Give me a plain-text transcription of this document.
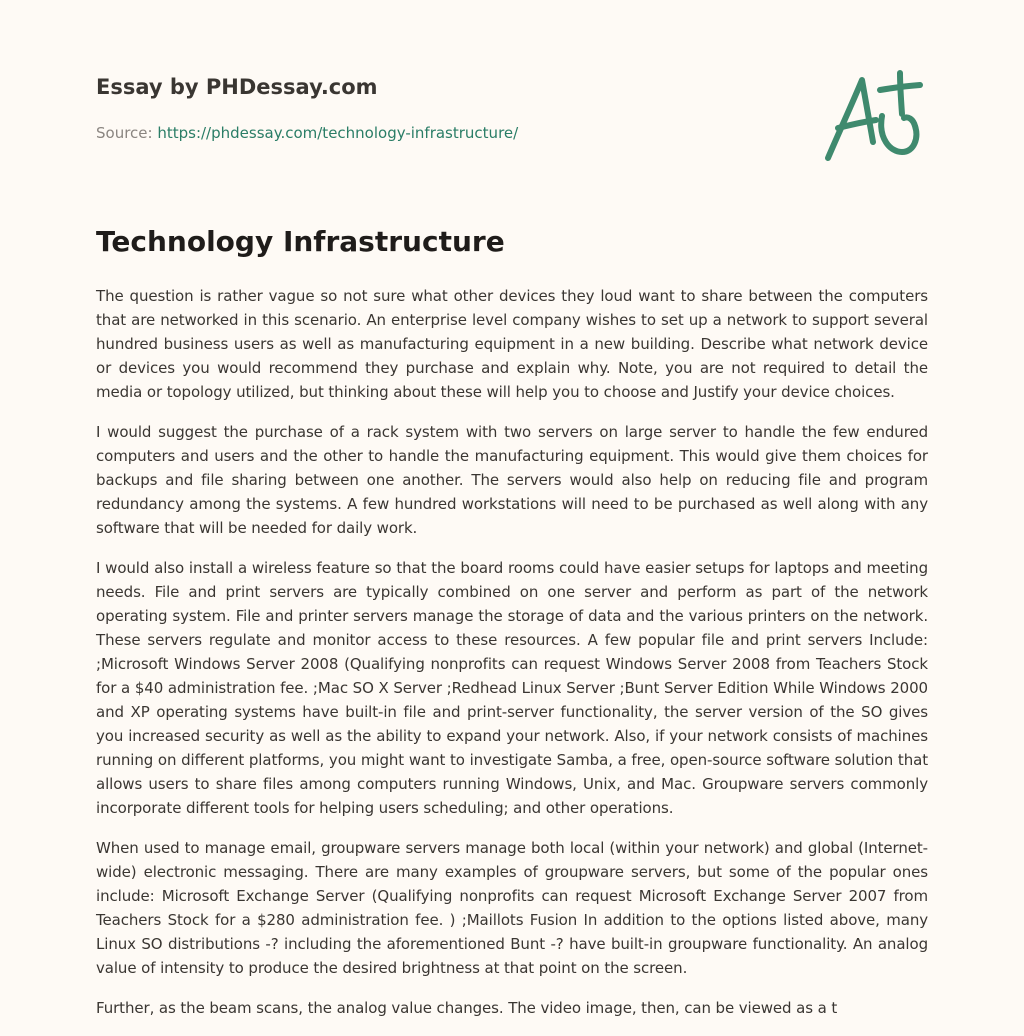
Essay by PHDessay.com
Source: https://phdessay.com/technology-infrastructure/
Technology Infrastructure

The question is rather vague so not sure what other devices they loud want to share between the computers that are networked in this scenario. An enterprise level company wishes to set up a network to support several hundred business users as well as manufacturing equipment in a new building. Describe what network device or devices you would recommend they purchase and explain why. Note, you are not required to detail the media or topology utilized, but thinking about these will help you to choose and Justify your device choices.

I would suggest the purchase of a rack system with two servers on large server to handle the few endured computers and users and the other to handle the manufacturing equipment. This would give them choices for backups and file sharing between one another. The servers would also help on reducing file and program redundancy among the systems. A few hundred workstations will need to be purchased as well along with any software that will be needed for daily work.

I would also install a wireless feature so that the board rooms could have easier setups for laptops and meeting needs. File and print servers are typically combined on one server and perform as part of the network operating system. File and printer servers manage the storage of data and the various printers on the network. These servers regulate and monitor access to these resources. A few popular file and print servers Include: ;Microsoft Windows Server 2008 (Qualifying nonprofits can request Windows Server 2008 from Teachers Stock for a $40 administration fee. ;Mac SO X Server ;Redhead Linux Server ;Bunt Server Edition While Windows 2000 and XP operating systems have built-in file and print-server functionality, the server version of the SO gives you increased security as well as the ability to expand your network. Also, if your network consists of machines running on different platforms, you might want to investigate Samba, a free, open-source software solution that allows users to share files among computers running Windows, Unix, and Mac. Groupware servers commonly incorporate different tools for helping users scheduling; and other operations.

When used to manage email, groupware servers manage both local (within your network) and global (Internet-wide) electronic messaging. There are many examples of groupware servers, but some of the popular ones include: Microsoft Exchange Server (Qualifying nonprofits can request Microsoft Exchange Server 2007 from Teachers Stock for a $280 administration fee. ) ;Maillots Fusion In addition to the options listed above, many Linux SO distributions -? including the aforementioned Bunt -? have built-in groupware functionality. An analog value of intensity to produce the desired brightness at that point on the screen.

Further, as the beam scans, the analog value changes. The video image, then, can be viewed as a t
